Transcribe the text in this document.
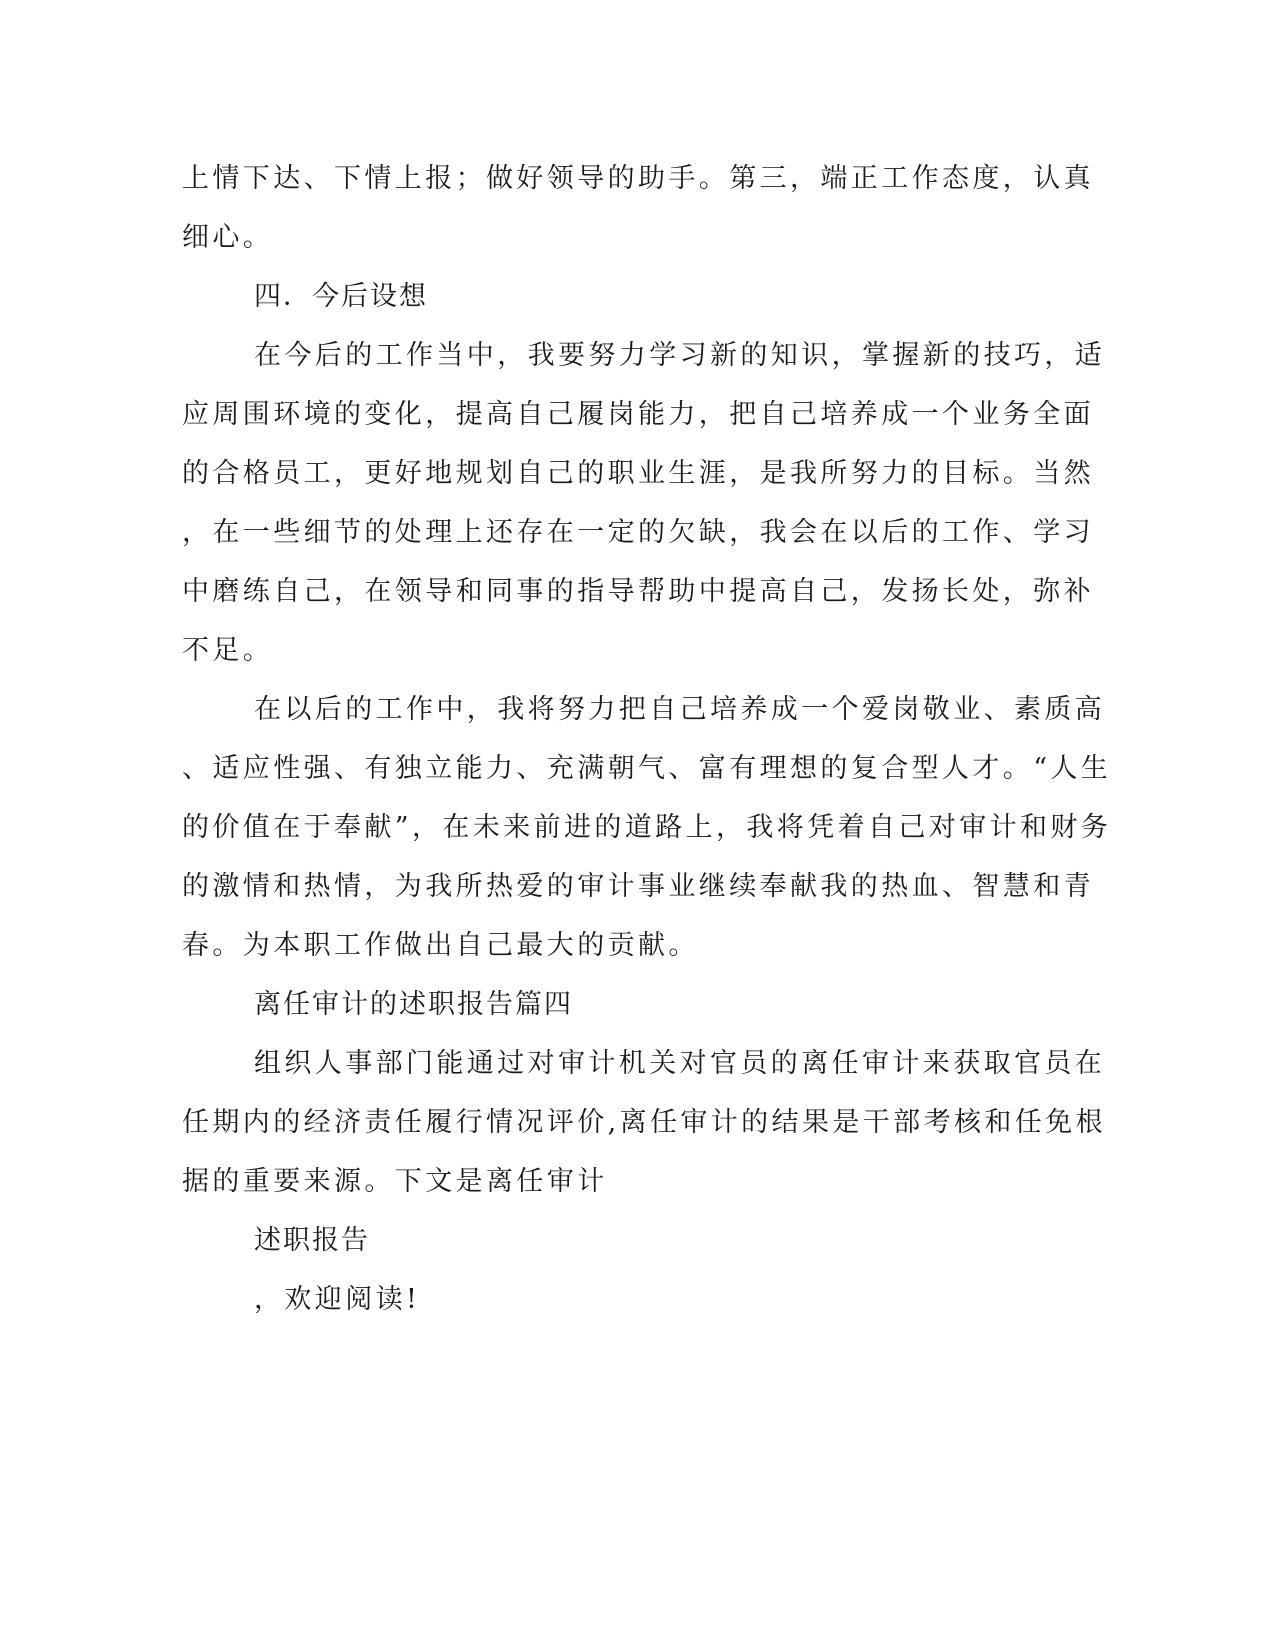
上情下达、下情上报；做好领导的助手。第三，端正工作态度，认真
细心。
四．今后设想
在今后的工作当中，我要努力学习新的知识，掌握新的技巧，适
应周围环境的变化，提高自己履岗能力，把自己培养成一个业务全面
的合格员工，更好地规划自己的职业生涯，是我所努力的目标。当然
，在一些细节的处理上还存在一定的欠缺，我会在以后的工作、学习
中磨练自己，在领导和同事的指导帮助中提高自己，发扬长处，弥补
不足。
在以后的工作中，我将努力把自己培养成一个爱岗敬业、素质高
、适应性强、有独立能力、充满朝气、富有理想的复合型人才。“人生
的价值在于奉献”，在未来前进的道路上，我将凭着自己对审计和财务
的激情和热情，为我所热爱的审计事业继续奉献我的热血、智慧和青
春。为本职工作做出自己最大的贡献。
离任审计的述职报告篇四
组织人事部门能通过对审计机关对官员的离任审计来获取官员在
任期内的经济责任履行情况评价,离任审计的结果是干部考核和任免根
据的重要来源。下文是离任审计
述职报告
，欢迎阅读!
